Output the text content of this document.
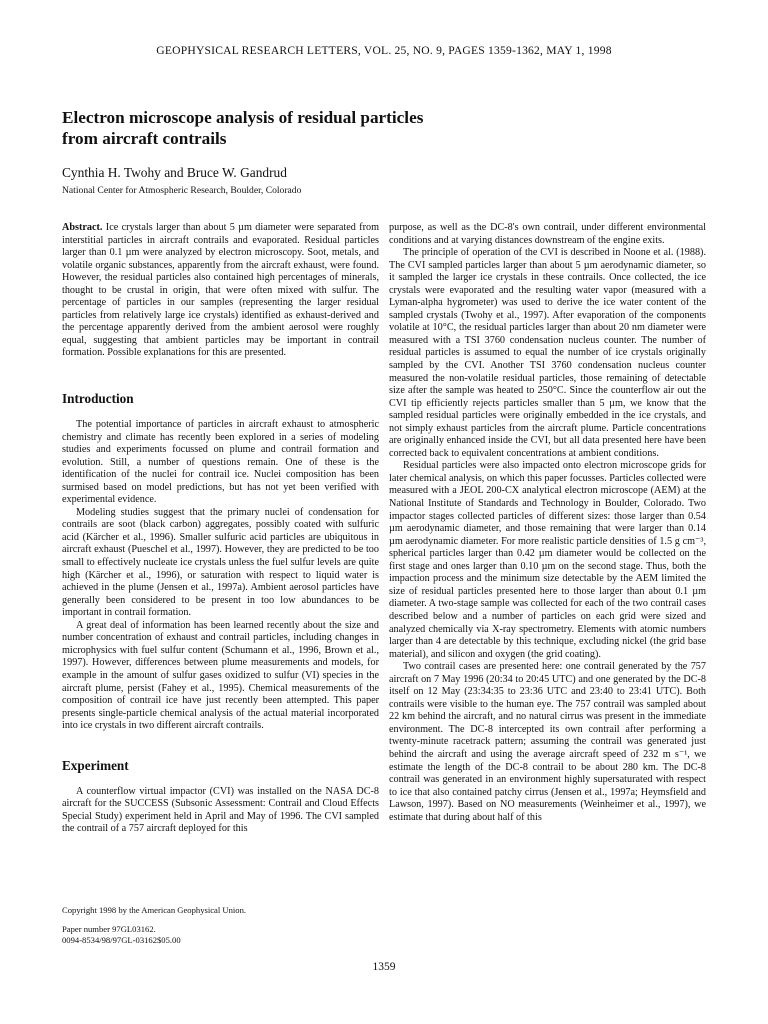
GEOPHYSICAL RESEARCH LETTERS, VOL. 25, NO. 9, PAGES 1359-1362, MAY 1, 1998
Electron microscope analysis of residual particles
from aircraft contrails
Cynthia H. Twohy and Bruce W. Gandrud
National Center for Atmospheric Research, Boulder, Colorado

Abstract. Ice crystals larger than about 5 µm diameter were separated from interstitial particles in aircraft contrails and evaporated. Residual particles larger than 0.1 µm were analyzed by electron microscopy. Soot, metals, and volatile organic substances, apparently from the aircraft exhaust, were found. However, the residual particles also contained high percentages of minerals, thought to be crustal in origin, that were often mixed with sulfur. The percentage of particles in our samples (representing the larger residual particles from relatively large ice crystals) identified as exhaust-derived and the percentage apparently derived from the ambient aerosol were roughly equal, suggesting that ambient particles may be important in contrail formation. Possible explanations for this are presented.

Introduction

The potential importance of particles in aircraft exhaust to atmospheric chemistry and climate has recently been explored in a series of modeling studies and experiments focussed on plume and contrail formation and evolution. Still, a number of questions remain. One of these is the identification of the nuclei for contrail ice. Nuclei composition has been surmised based on model predictions, but has not yet been verified with experimental evidence.

Modeling studies suggest that the primary nuclei of condensation for contrails are soot (black carbon) aggregates, possibly coated with sulfuric acid (Kärcher et al., 1996). Smaller sulfuric acid particles are ubiquitous in aircraft exhaust (Pueschel et al., 1997). However, they are predicted to be too small to effectively nucleate ice crystals unless the fuel sulfur levels are quite high (Kärcher et al., 1996), or saturation with respect to liquid water is achieved in the plume (Jensen et al., 1997a). Ambient aerosol particles have generally been considered to be present in too low abundances to be important in contrail formation.

A great deal of information has been learned recently about the size and number concentration of exhaust and contrail particles, including changes in microphysics with fuel sulfur content (Schumann et al., 1996, Brown et al., 1997). However, differences between plume measurements and models, for example in the amount of sulfur gases oxidized to sulfur (VI) species in the aircraft plume, persist (Fahey et al., 1995). Chemical measurements of the composition of contrail ice have just recently been attempted. This paper presents single-particle chemical analysis of the actual material incorporated into ice crystals in two different aircraft contrails.

Experiment

A counterflow virtual impactor (CVI) was installed on the NASA DC-8 aircraft for the SUCCESS (Subsonic Assessment: Contrail and Cloud Effects Special Study) experiment held in April and May of 1996. The CVI sampled the contrail of a 757 aircraft deployed for this

Copyright 1998 by the American Geophysical Union.
Paper number 97GL03162.
0094-8534/98/97GL-03162$05.00

purpose, as well as the DC-8's own contrail, under different environmental conditions and at varying distances downstream of the engine exits.

The principle of operation of the CVI is described in Noone et al. (1988). The CVI sampled particles larger than about 5 µm aerodynamic diameter, so it sampled the larger ice crystals in these contrails. Once collected, the ice crystals were evaporated and the resulting water vapor (measured with a Lyman-alpha hygrometer) was used to derive the ice water content of the sampled crystals (Twohy et al., 1997). After evaporation of the components volatile at 10°C, the residual particles larger than about 20 nm diameter were measured with a TSI 3760 condensation nucleus counter. The number of residual particles is assumed to equal the number of ice crystals originally sampled by the CVI. Another TSI 3760 condensation nucleus counter measured the non-volatile residual particles, those remaining of detectable size after the sample was heated to 250°C. Since the counterflow air out the CVI tip efficiently rejects particles smaller than 5 µm, we know that the sampled residual particles were originally embedded in the ice crystals, and not simply exhaust particles from the aircraft plume. Particle concentrations are originally enhanced inside the CVI, but all data presented here have been corrected back to equivalent concentrations at ambient conditions.

Residual particles were also impacted onto electron microscope grids for later chemical analysis, on which this paper focusses. Particles collected were measured with a JEOL 200-CX analytical electron microscope (AEM) at the National Institute of Standards and Technology in Boulder, Colorado. Two impactor stages collected particles of different sizes: those larger than 0.54 µm aerodynamic diameter, and those remaining that were larger than 0.14 µm aerodynamic diameter. For more realistic particle densities of 1.5 g cm⁻³, spherical particles larger than 0.42 µm diameter would be collected on the first stage and ones larger than 0.10 µm on the second stage. Thus, both the impaction process and the minimum size detectable by the AEM limited the size of residual particles presented here to those larger than about 0.1 µm diameter. A two-stage sample was collected for each of the two contrail cases described below and a number of particles on each grid were sized and analyzed chemically via X-ray spectrometry. Elements with atomic numbers larger than 4 are detectable by this technique, excluding nickel (the grid base material), and silicon and oxygen (the grid coating).

Two contrail cases are presented here: one contrail generated by the 757 aircraft on 7 May 1996 (20:34 to 20:45 UTC) and one generated by the DC-8 itself on 12 May (23:34:35 to 23:36 UTC and 23:40 to 23:41 UTC). Both contrails were visible to the human eye. The 757 contrail was sampled about 22 km behind the aircraft, and no natural cirrus was present in the immediate environment. The DC-8 intercepted its own contrail after performing a twenty-minute racetrack pattern; assuming the contrail was generated just behind the aircraft and using the average aircraft speed of 232 m s⁻¹, we estimate the length of the DC-8 contrail to be about 280 km. The DC-8 contrail was generated in an environment highly supersaturated with respect to ice that also contained patchy cirrus (Jensen et al., 1997a; Heymsfield and Lawson, 1997). Based on NO measurements (Weinheimer et al., 1997), we estimate that during about half of this

1359
